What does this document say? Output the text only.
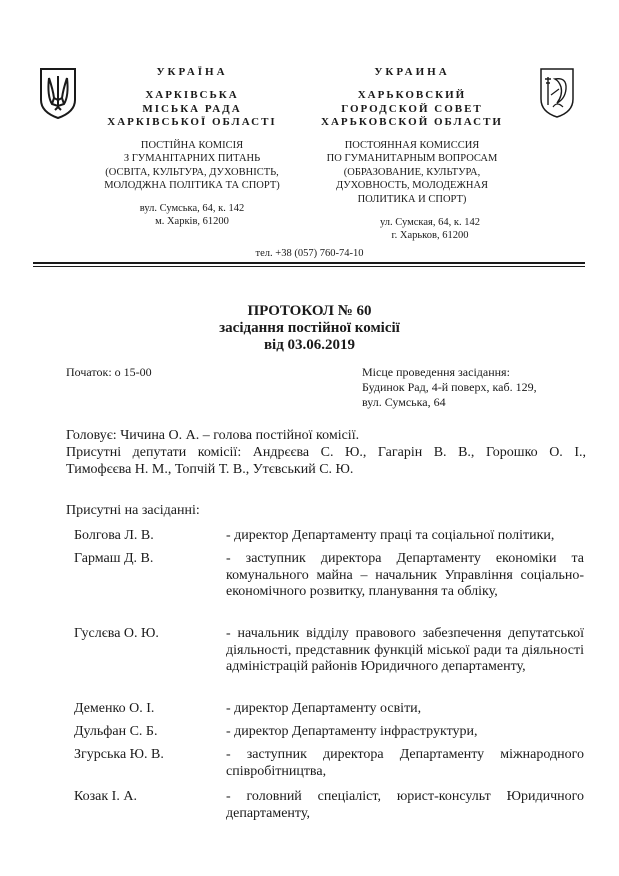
УКРАЇНА
ХАРКІВСЬКА
МІСЬКА РАДА
ХАРКІВСЬКОЇ ОБЛАСТІ
ПОСТІЙНА КОМІСІЯ
З ГУМАНІТАРНИХ ПИТАНЬ
(ОСВІТА, КУЛЬТУРА, ДУХОВНІСТЬ,
МОЛОДЖНА ПОЛІТИКА ТА СПОРТ)
вул. Сумська, 64, к. 142
м. Харків, 61200
УКРАИНА
ХАРЬКОВСКИЙ
ГОРОДСКОЙ СОВЕТ
ХАРЬКОВСКОЙ ОБЛАСТИ
ПОСТОЯННАЯ КОМИССИЯ
ПО ГУМАНИТАРНЫМ ВОПРОСАМ
(ОБРАЗОВАНИЕ, КУЛЬТУРА,
ДУХОВНОСТЬ, МОЛОДЕЖНАЯ
ПОЛИТИКА И СПОРТ)
ул. Сумская, 64, к. 142
г. Харьков, 61200
тел. +38 (057) 760-74-10
ПРОТОКОЛ № 60
засідання постійної комісії
від 03.06.2019
Початок: о 15-00	Місце проведення засідання:
Будинок Рад, 4-й поверх, каб. 129,
вул. Сумська, 64
Головує: Чичина О. А. – голова постійної комісії.
Присутні депутати комісії: Андрєєва С. Ю., Гагарін В. В., Горошко О. І.,
Тимофєєва Н. М., Топчій Т. В., Утєвський С. Ю.
Присутні на засіданні:
Болгова Л. В.	- директор Департаменту праці та соціальної політики,
Гармаш Д. В.	- заступник директора Департаменту економіки та комунального майна – начальник Управління соціально-економічного розвитку, планування та обліку,
Гуслєва О. Ю.	- начальник відділу правового забезпечення депутатської діяльності, представник функцій міської ради та діяльності адміністрацій районів Юридичного департаменту,
Деменко О. І.	- директор Департаменту освіти,
Дульфан С. Б.	- директор Департаменту інфраструктури,
Згурська Ю. В.	- заступник директора Департаменту міжнародного співробітництва,
Козак І. А.	- головний спеціаліст, юрист-консульт Юридичного департаменту,
